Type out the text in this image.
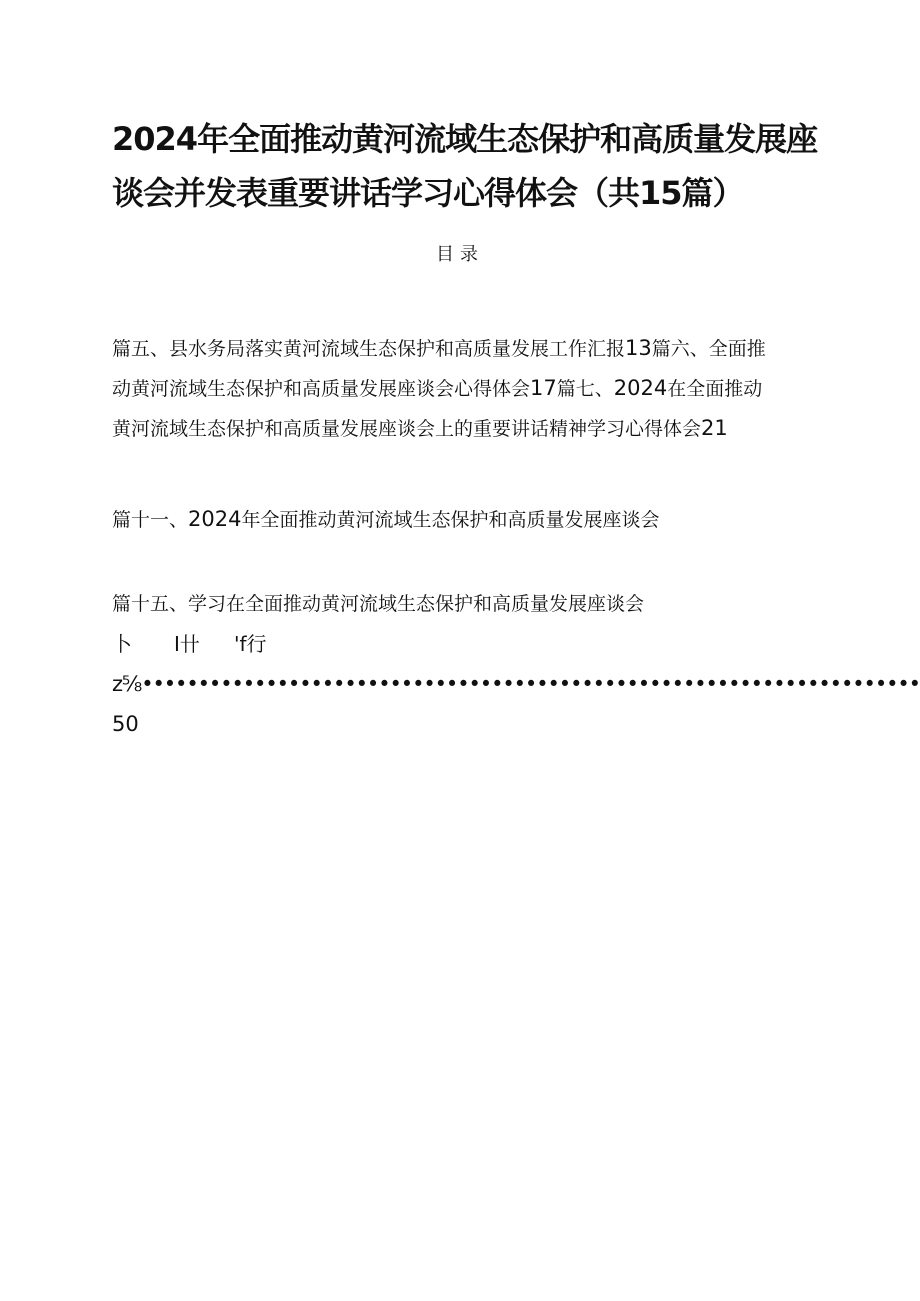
2024年全面推动黄河流域生态保护和高质量发展座
谈会并发表重要讲话学习心得体会（共15篇）
目录

篇五、县水务局落实黄河流域生态保护和高质量发展工作汇报13篇六、全面推
动黄河流域生态保护和高质量发展座谈会心得体会17篇七、2024在全面推动
黄河流域生态保护和高质量发展座谈会上的重要讲话精神学习心得体会21

篇十一、2024年全面推动黄河流域生态保护和高质量发展座谈会

篇十五、学习在全面推动黄河流域生态保护和高质量发展座谈会

卜 I卄 'f行
z⅝•••••••••••••••••••••••••••••••••••••••••••••••••••••••••••••••••••••
50
